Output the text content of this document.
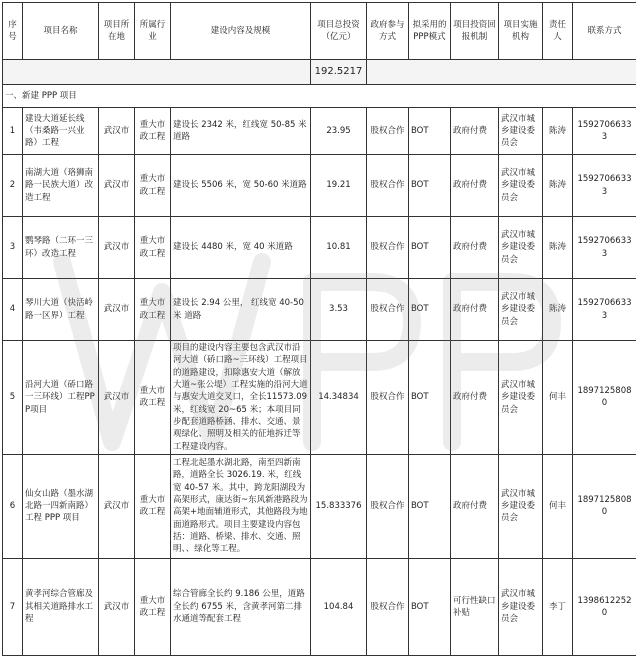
序号	项目名称	项目所在地	所属行业	建设内容及规模	项目总投资（亿元）	政府参与方式	拟采用的PPP模式	项目投资回报机制	项目实施机构	责任人	联系方式
					192.5217						
一、新建 PPP 项目											
1	建设大道延长线（韦桑路一兴业路）工程	武汉市	重大市政工程	建设长 2342 米，红线宽 50-85 米道路	23.95	股权合作	BOT	政府付费	武汉市城乡建设委员会	陈涛	15927066333
2	南湖大道（珞狮南路一民族大道）改造工程	武汉市	重大市政工程	建设长 5506 米，宽 50-60 米道路	19.21	股权合作	BOT	政府付费	武汉市城乡建设委员会	陈涛	15927066333
3	鹦琴路（二环一三环）改造工程	武汉市	重大市政工程	建设长 4480 米，宽 40 米道路	10.81	股权合作	BOT	政府付费	武汉市城乡建设委员会	陈涛	15927066333
4	琴川大道（快活岭路一区界）工程	武汉市	重大市政工程	建设长 2.94 公里， 红线宽 40-50 米 道路	3.53	股权合作	BOT	政府付费	武汉市城乡建设委员会	陈涛	15927066333
5	沿河大道（硚口路一三环线）工程PPP项目	武汉市	重大市政工程	项目的建设内容主要包含武汉市沿河大道（硚口路~三环线）工程项目的道路建设，扣除惠安大道（解放大道~张公堤）工程实施的沿河大道与惠安大道交叉口，全长11573.09 米，红线宽 20~65 米；本项目同步配套道路桥涵、排水、交通、景观绿化、照明及相关的征地拆迁等工程建设内容。	14.34834	股权合作	BOT	政府付费	武汉市城乡建设委员会	何丰	18971258080
6	仙女山路（墨水湖北路一四新南路）工程 PPP 项目	武汉市	重大市政工程	工程北起墨水湖北路，南至四新南路，道路全长 3026.19. 米，红线宽 40-57 米。其中，跨龙阳湖段为高架形式，康达街~东风新港路段为高架+地面辅道形式，其他路段为地面道路形式。项目主要建设内容包括：道路、桥梁、排水、交通、照明、、绿化等工程。	15.833376	股权合作	BOT	政府付费	武汉市城乡建设委员会	何丰	18971258080
7	黄孝河综合管廊及其相关道路排水工程	武汉市	重大市政工程	综合管廊全长约 9.186 公里，道路全长约 6755 米，含黄孝河第二排水通道等配套工程	104.84	股权合作	BOT	可行性缺口补贴	武汉市城乡建设委员会	李丁	13986122520
